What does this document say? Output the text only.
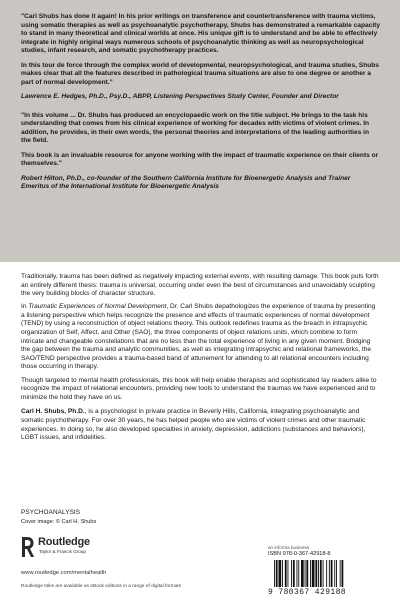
"Carl Shubs has done it again! In his prior writings on transference and countertransference with trauma victims, using somatic therapies as well as psychoanalytic psychotherapy, Shubs has demonstrated a remarkable capacity to stand in many theoretical and clinical worlds at once. His unique gift is to understand and be able to effectively integrate in highly original ways numerous schools of psychoanalytic thinking as well as neuropsychological studies, infant research, and somatic psychotherapy practices.

In this tour de force through the complex world of developmental, neuropsychological, and trauma studies, Shubs makes clear that all the features described in pathological trauma situations are also to one degree or another a part of normal development."

Lawrence E. Hedges, Ph.D., Psy.D., ABPP, Listening Perspectives Study Center, Founder and Director

"In this volume ... Dr. Shubs has produced an encyclopaedic work on the title subject. He brings to the task his understanding that comes from his clinical experience of working for decades with victims of violent crimes. In addition, he provides, in their own words, the personal theories and interpretations of the leading authorities in the field.

This book is an invaluable resource for anyone working with the impact of traumatic experience on their clients or themselves."

Robert Hilton, Ph.D., co-founder of the Southern California Institute for Bioenergetic Analysis and Trainer Emeritus of the International Institute for Bioenergetic Analysis

Traditionally, trauma has been defined as negatively impacting external events, with resulting damage. This book puts forth an entirely different thesis: trauma is universal, occurring under even the best of circumstances and unavoidably sculpting the very building blocks of character structure.

In Traumatic Experiences of Normal Development, Dr. Carl Shubs depathologizes the experience of trauma by presenting a listening perspective which helps recognize the presence and effects of traumatic experiences of normal development (TEND) by using a reconstruction of object relations theory. This outlook redefines trauma as the breach in intrapsychic organization of Self, Affect, and Other (SAO), the three components of object relations units, which combine to form intricate and changeable constellations that are no less than the total experience of living in any given moment. Bridging the gap between the trauma and analytic communities, as well as integrating intrapsychic and relational frameworks, the SAO/TEND perspective provides a trauma-based band of attunement for attending to all relational encounters including those occurring in therapy.

Though targeted to mental health professionals, this book will help enable therapists and sophisticated lay readers alike to recognize the impact of relational encounters, providing new tools to understand the traumas we have experienced and to minimize the hold they have on us.

Carl H. Shubs, Ph.D., is a psychologist in private practice in Beverly Hills, California, integrating psychoanalytic and somatic psychotherapy. For over 30 years, he has helped people who are victims of violent crimes and other traumatic experiences. In doing so, he also developed specialties in anxiety, depression, addictions (substances and behaviors), LGBT issues, and infidelities.

PSYCHOANALYSIS
Cover image: © Carl H. Shubs
Routledge
Taylor & Francis Group
www.routledge.com/mentalhealth
Routledge titles are available as eBook editions in a range of digital formats
an informa business
ISBN 978-0-367-42918-8
9 780367 429188
